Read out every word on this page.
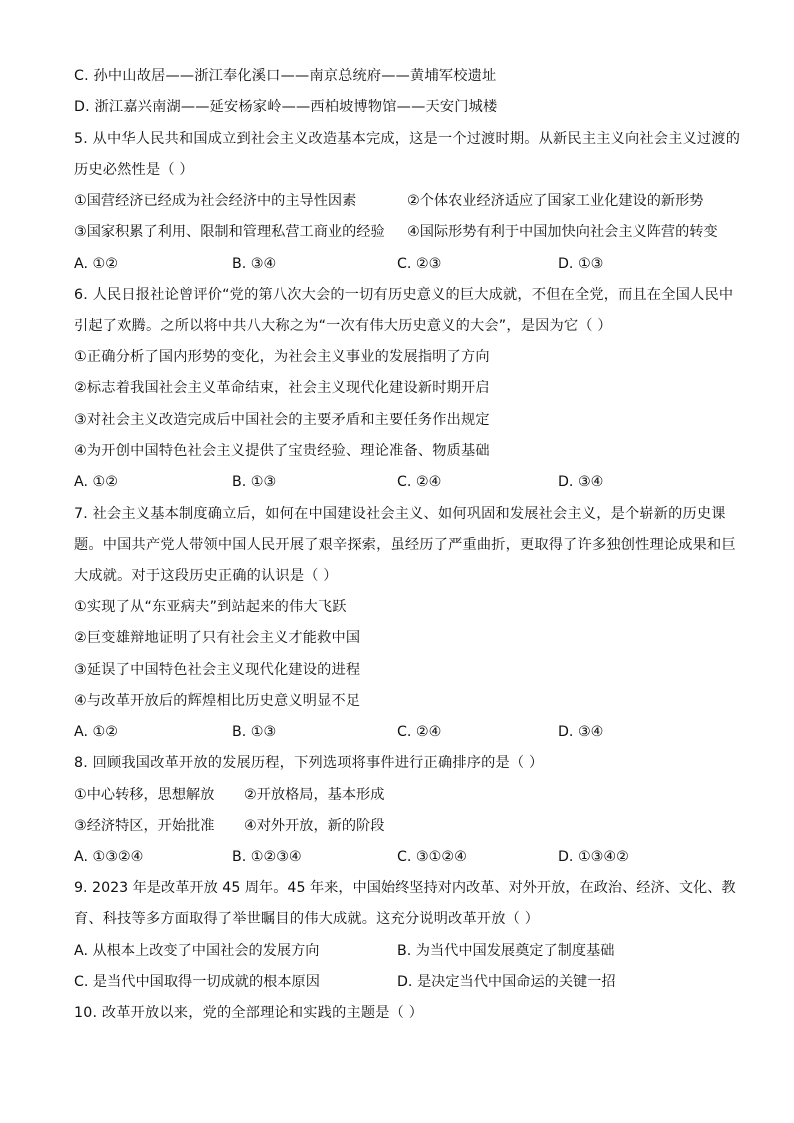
C. 孙中山故居——浙江奉化溪口——南京总统府——黄埔军校遗址
D. 浙江嘉兴南湖——延安杨家岭——西柏坡博物馆——天安门城楼
5. 从中华人民共和国成立到社会主义改造基本完成，这是一个过渡时期。从新民主主义向社会主义过渡的
历史必然性是（ ）
①国营经济已经成为社会经济中的主导性因素	②个体农业经济适应了国家工业化建设的新形势
③国家积累了利用、限制和管理私营工商业的经验 ④国际形势有利于中国加快向社会主义阵营的转变
A. ①②	B. ③④	C. ②③	D. ①③
6. 人民日报社论曾评价“党的第八次大会的一切有历史意义的巨大成就，不但在全党，而且在全国人民中
引起了欢腾。之所以将中共八大称之为“一次有伟大历史意义的大会”，是因为它（ ）
①正确分析了国内形势的变化，为社会主义事业的发展指明了方向
②标志着我国社会主义革命结束，社会主义现代化建设新时期开启
③对社会主义改造完成后中国社会的主要矛盾和主要任务作出规定
④为开创中国特色社会主义提供了宝贵经验、理论准备、物质基础
A. ①②	B. ①③	C. ②④	D. ③④
7. 社会主义基本制度确立后，如何在中国建设社会主义、如何巩固和发展社会主义，是个崭新的历史课
题。中国共产党人带领中国人民开展了艰辛探索，虽经历了严重曲折，更取得了许多独创性理论成果和巨
大成就。对于这段历史正确的认识是（ ）
①实现了从“东亚病夫”到站起来的伟大飞跃
②巨变雄辩地证明了只有社会主义才能救中国
③延误了中国特色社会主义现代化建设的进程
④与改革开放后的辉煌相比历史意义明显不足
A. ①②	B. ①③	C. ②④	D. ③④
8. 回顾我国改革开放的发展历程，下列选项将事件进行正确排序的是（ ）
①中心转移，思想解放 ②开放格局，基本形成
③经济特区，开始批准 ④对外开放，新的阶段
A. ①③②④	B. ①②③④	C. ③①②④	D. ①③④②
9. 2023 年是改革开放 45 周年。45 年来，中国始终坚持对内改革、对外开放，在政治、经济、文化、教
育、科技等多方面取得了举世瞩目的伟大成就。这充分说明改革开放（ ）
A. 从根本上改变了中国社会的发展方向	B. 为当代中国发展奠定了制度基础
C. 是当代中国取得一切成就的根本原因	D. 是决定当代中国命运的关键一招
10. 改革开放以来，党的全部理论和实践的主题是（ ）
